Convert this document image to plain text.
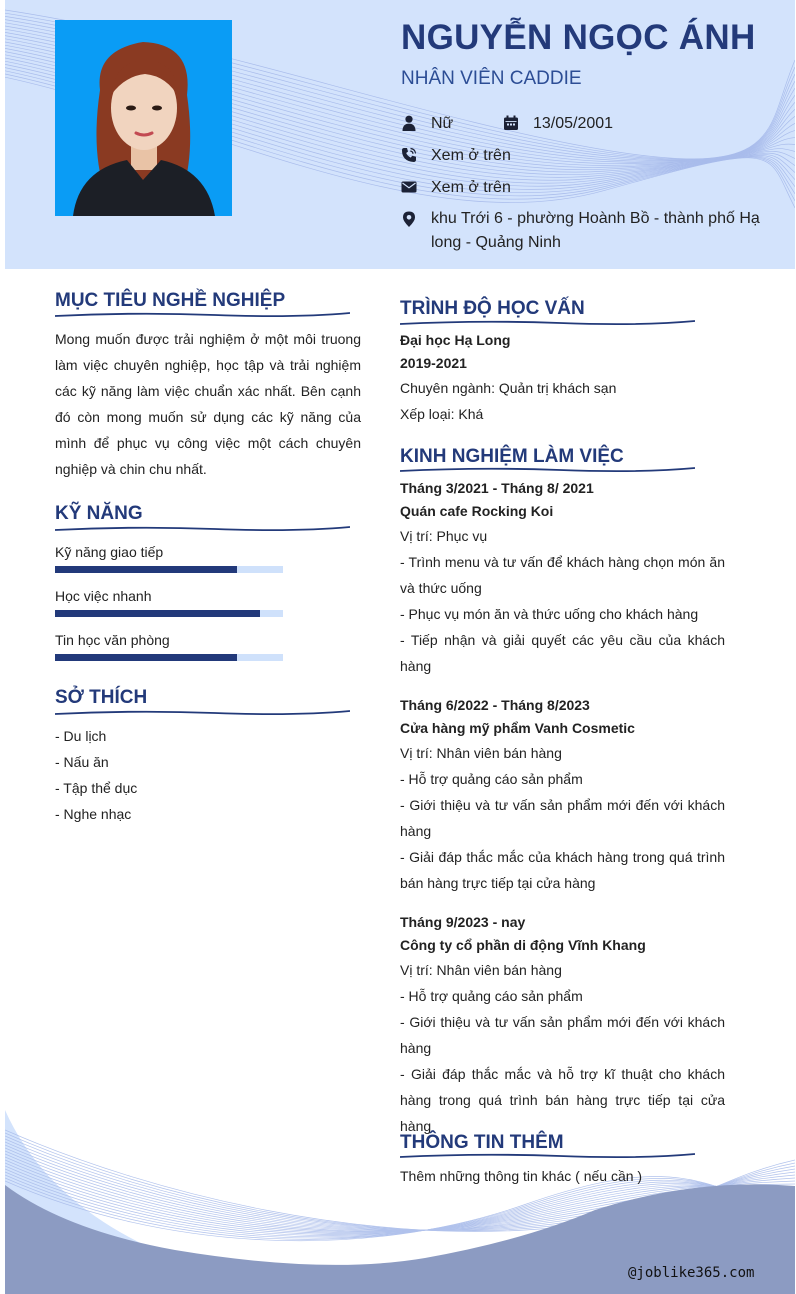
NGUYỄN NGỌC ÁNH
NHÂN VIÊN CADDIE
Nữ	13/05/2001
Xem ở trên
Xem ở trên
khu Trới 6 - phường Hoành Bồ - thành phố Hạ long - Quảng Ninh
MỤC TIÊU NGHỀ NGHIỆP
Mong muốn được trải nghiệm ở một môi truong làm việc chuyên nghiệp, học tập và trải nghiệm các kỹ năng làm việc chuẩn xác nhất. Bên cạnh đó còn mong muốn sử dụng các kỹ năng của mình để phục vụ công việc một cách chuyên nghiệp và chin chu nhất.
KỸ NĂNG
Kỹ năng giao tiếp
Học việc nhanh
Tin học văn phòng
SỞ THÍCH
- Du lịch
- Nấu ăn
- Tập thể dục
- Nghe nhạc
TRÌNH ĐỘ HỌC VẤN
Đại học Hạ Long
2019-2021
Chuyên ngành: Quản trị khách sạn
Xếp loại: Khá
KINH NGHIỆM LÀM VIỆC
Tháng 3/2021 - Tháng 8/ 2021
Quán cafe Rocking Koi
Vị trí: Phục vụ
- Trình menu và tư vấn để khách hàng chọn món ăn và thức uống
- Phục vụ món ăn và thức uống cho khách hàng
- Tiếp nhận và giải quyết các yêu cầu của khách hàng
Tháng 6/2022 - Tháng 8/2023
Cửa hàng mỹ phẩm Vanh Cosmetic
Vị trí: Nhân viên bán hàng
- Hỗ trợ quảng cáo sản phẩm
- Giới thiệu và tư vấn sản phẩm mới đến với khách hàng
- Giải đáp thắc mắc của khách hàng trong quá trình bán hàng trực tiếp tại cửa hàng
Tháng 9/2023 - nay
Công ty cổ phần di động Vĩnh Khang
Vị trí: Nhân viên bán hàng
- Hỗ trợ quảng cáo sản phẩm
- Giới thiệu và tư vấn sản phẩm mới đến với khách hàng
- Giải đáp thắc mắc và hỗ trợ kĩ thuật cho khách hàng trong quá trình bán hàng trực tiếp tại cửa hàng
THÔNG TIN THÊM
Thêm những thông tin khác ( nếu cần )
@joblike365.com
